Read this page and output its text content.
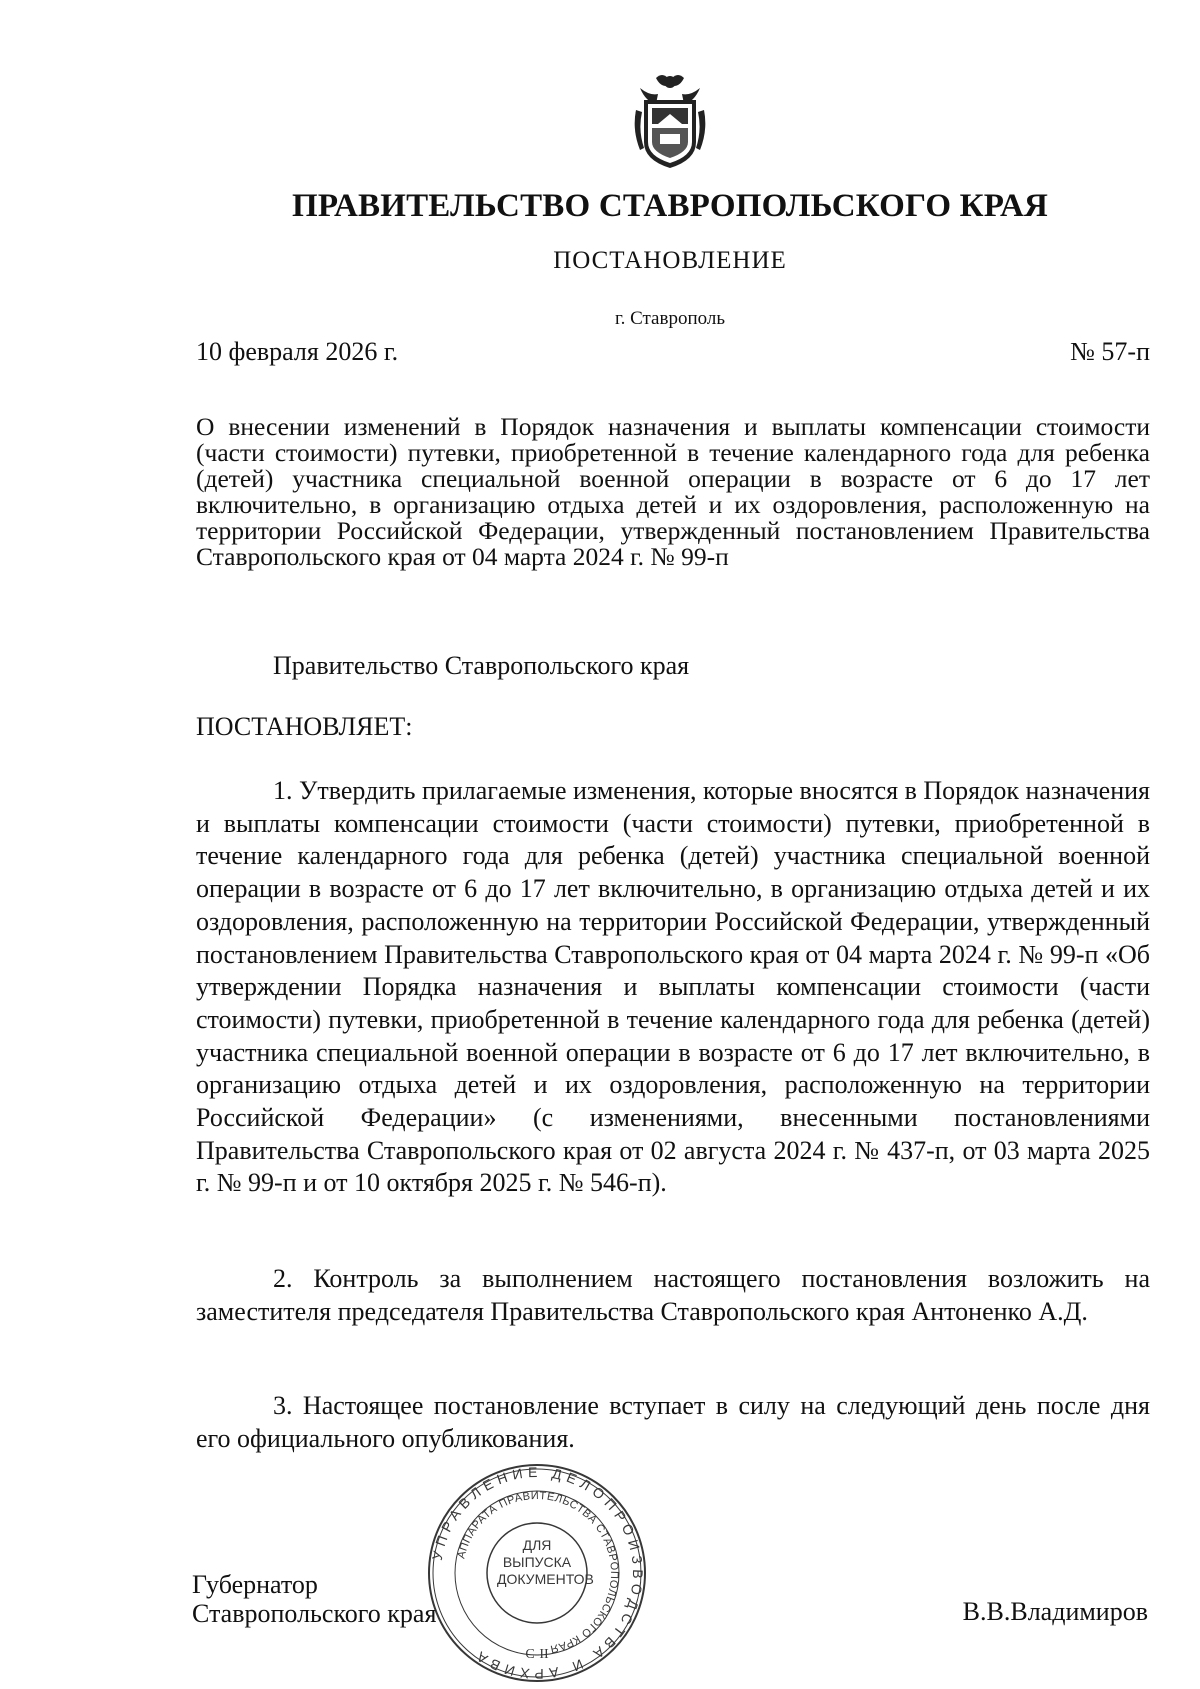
ПРАВИТЕЛЬСТВО СТАВРОПОЛЬСКОГО КРАЯ
ПОСТАНОВЛЕНИЕ
г. Ставрополь
10 февраля 2026 г.	№ 57-п
О внесении изменений в Порядок назначения и выплаты компенсации стоимости (части стоимости) путевки, приобретенной в течение календарного года для ребенка (детей) участника специальной военной операции в возрасте от 6 до 17 лет включительно, в организацию отдыха детей и их оздоровления, расположенную на территории Российской Федерации, утвержденный постановлением Правительства Ставропольского края от 04 марта 2024 г. № 99-п
Правительство Ставропольского края
ПОСТАНОВЛЯЕТ:
1. Утвердить прилагаемые изменения, которые вносятся в Порядок назначения и выплаты компенсации стоимости (части стоимости) путевки, приобретенной в течение календарного года для ребенка (детей) участника специальной военной операции в возрасте от 6 до 17 лет включительно, в организацию отдыха детей и их оздоровления, расположенную на территории Российской Федерации, утвержденный постановлением Правительства Ставропольского края от 04 марта 2024 г. № 99-п «Об утверждении Порядка назначения и выплаты компенсации стоимости (части стоимости) путевки, приобретенной в течение календарного года для ребенка (детей) участника специальной военной операции в возрасте от 6 до 17 лет включительно, в организацию отдыха детей и их оздоровления, расположенную на территории Российской Федерации» (с изменениями, внесенными постановлениями Правительства Ставропольского края от 02 августа 2024 г. № 437-п, от 03 марта 2025 г. № 99-п и от 10 октября 2025 г. № 546-п).
2. Контроль за выполнением настоящего постановления возложить на заместителя председателя Правительства Ставропольского края Антоненко А.Д.
3. Настоящее постановление вступает в силу на следующий день после дня его официального опубликования.
Губернатор
Ставропольского края	В.В.Владимиров
УПРАВЛЕНИЕ ДЕЛОПРОИЗВОДСТВА И АРХИВА
АППАРАТА ПРАВИТЕЛЬСТВА СТАВРОПОЛЬСКОГО КРАЯ
С-II
ДЛЯ
ВЫПУСКА
ДОКУМЕНТОВ
